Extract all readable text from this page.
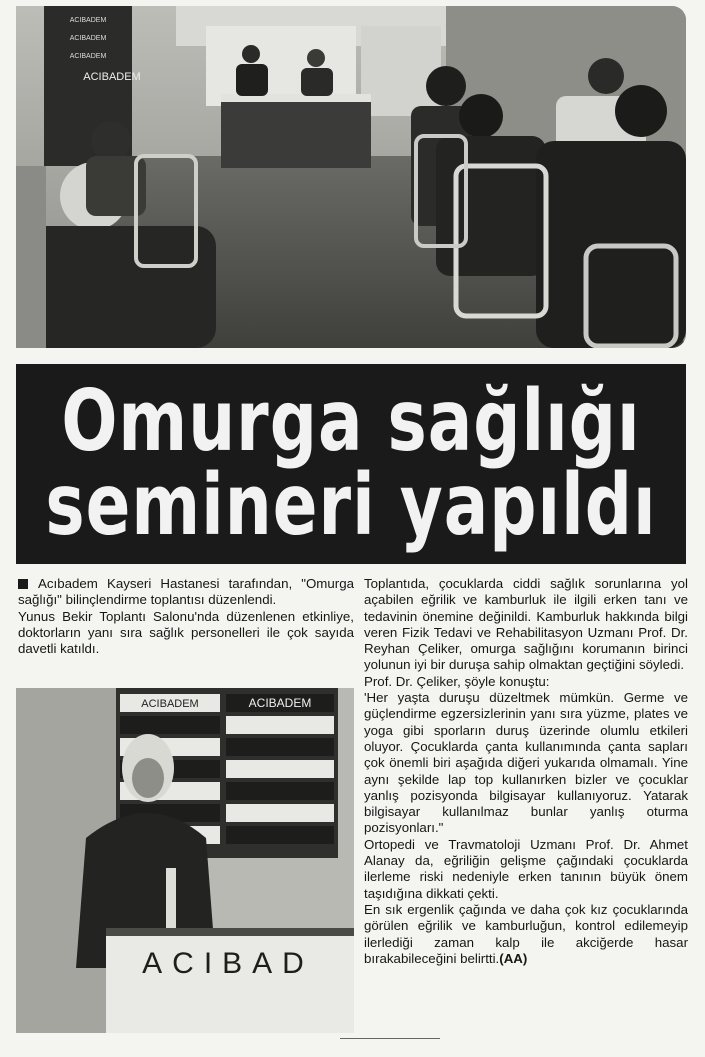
ACIBADEM
ACIBADEM
ACIBADEM
ACIBADEM
Omurga sağlığı
semineri yapıldı

Acıbadem Kayseri Hastanesi tarafından, "Omurga sağlığı" bilinçlendirme toplantısı düzenlendi.

Yunus Bekir Toplantı Salonu'nda düzenlenen etkinliye, doktorların yanı sıra sağlık personelleri ile çok sayıda davetli katıldı.

ACIBADEM
ACIBADEM
ACIBAD

Toplantıda, çocuklarda ciddi sağlık sorunlarına yol açabilen eğrilik ve kamburluk ile ilgili erken tanı ve tedavinin önemine değinildi. Kamburluk hakkında bilgi veren Fizik Tedavi ve Rehabilitasyon Uzmanı Prof. Dr. Reyhan Çeliker, omurga sağlığını korumanın birinci yolunun iyi bir duruşa sahip olmaktan geçtiğini söyledi.

Prof. Dr. Çeliker, şöyle konuştu:

'Her yaşta duruşu düzeltmek mümkün. Germe ve güçlendirme egzersizlerinin yanı sıra yüzme, plates ve yoga gibi sporların duruş üzerinde olumlu etkileri oluyor. Çocuklarda çanta kullanımında çanta sapları çok önemli biri aşağıda diğeri yukarıda olmamalı. Yine aynı şekilde lap top kullanırken bizler ve çocuklar yanlış pozisyonda bilgisayar kullanıyoruz. Yatarak bilgisayar kullanılmaz bunlar yanlış oturma pozisyonları."

Ortopedi ve Travmatoloji Uzmanı Prof. Dr. Ahmet Alanay da, eğriliğin gelişme çağındaki çocuklarda ilerleme riski nedeniyle erken tanının büyük önem taşıdığına dikkati çekti.

En sık ergenlik çağında ve daha çok kız çocuklarında görülen eğrilik ve kamburluğun, kontrol edilemeyip ilerlediği zaman kalp ile akciğerde hasar bırakabileceğini belirtti.(AA)
